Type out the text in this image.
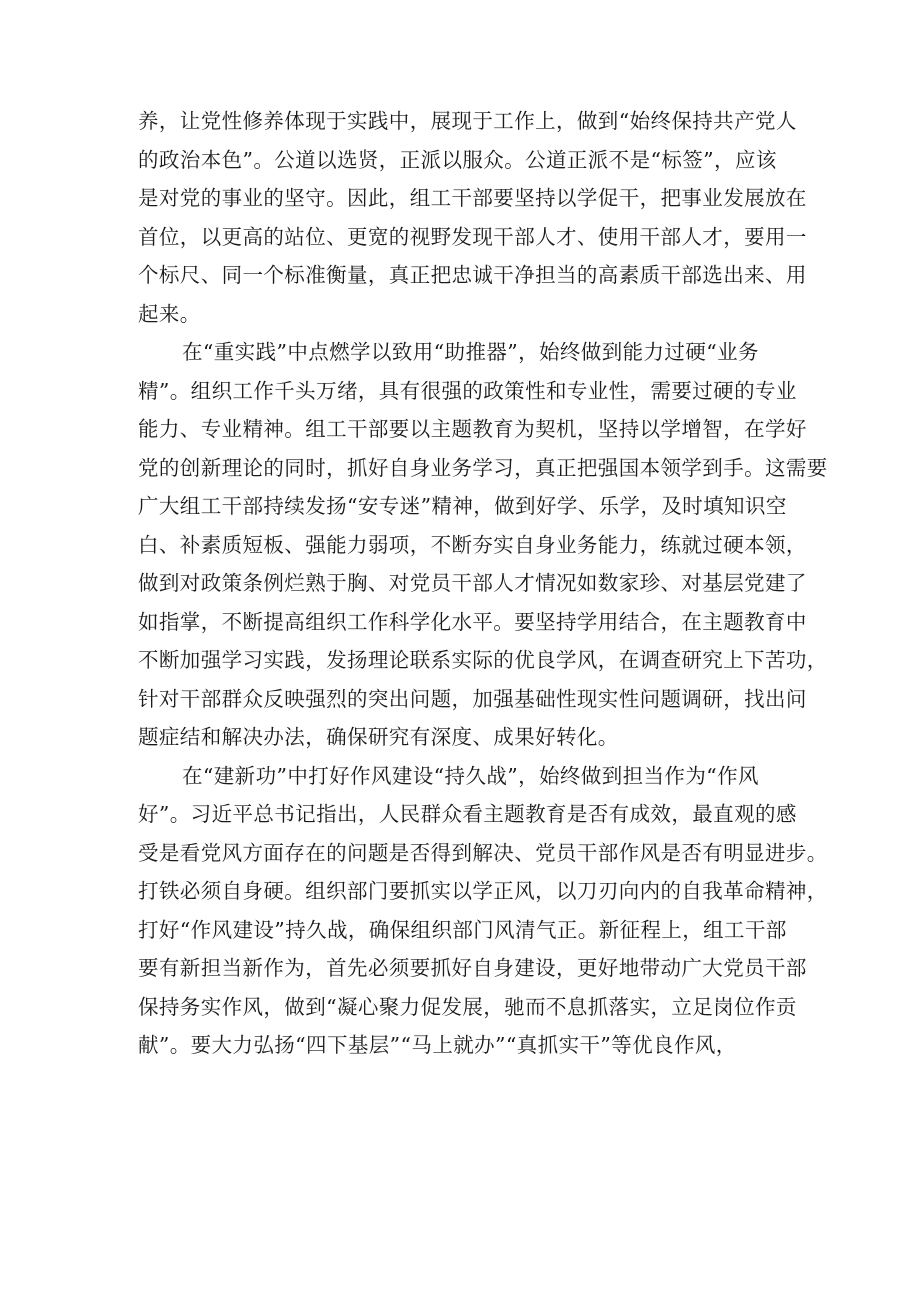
养，让党性修养体现于实践中，展现于工作上，做到“始终保持共产党人
的政治本色”。公道以选贤，正派以服众。公道正派不是“标签”，应该
是对党的事业的坚守。因此，组工干部要坚持以学促干，把事业发展放在
首位，以更高的站位、更宽的视野发现干部人才、使用干部人才，要用一
个标尺、同一个标准衡量，真正把忠诚干净担当的高素质干部选出来、用
起来。
在“重实践”中点燃学以致用“助推器”，始终做到能力过硬“业务
精”。组织工作千头万绪，具有很强的政策性和专业性，需要过硬的专业
能力、专业精神。组工干部要以主题教育为契机，坚持以学增智，在学好
党的创新理论的同时，抓好自身业务学习，真正把强国本领学到手。这需要
广大组工干部持续发扬“安专迷”精神，做到好学、乐学，及时填知识空
白、补素质短板、强能力弱项，不断夯实自身业务能力，练就过硬本领，
做到对政策条例烂熟于胸、对党员干部人才情况如数家珍、对基层党建了
如指掌，不断提高组织工作科学化水平。要坚持学用结合，在主题教育中
不断加强学习实践，发扬理论联系实际的优良学风，在调查研究上下苦功，
针对干部群众反映强烈的突出问题，加强基础性现实性问题调研，找出问
题症结和解决办法，确保研究有深度、成果好转化。
在“建新功”中打好作风建设“持久战”，始终做到担当作为“作风
好”。习近平总书记指出，人民群众看主题教育是否有成效，最直观的感
受是看党风方面存在的问题是否得到解决、党员干部作风是否有明显进步。
打铁必须自身硬。组织部门要抓实以学正风，以刀刃向内的自我革命精神，
打好“作风建设”持久战，确保组织部门风清气正。新征程上，组工干部
要有新担当新作为，首先必须要抓好自身建设，更好地带动广大党员干部
保持务实作风，做到“凝心聚力促发展，驰而不息抓落实，立足岗位作贡
献”。要大力弘扬“四下基层”“马上就办”“真抓实干”等优良作风，
